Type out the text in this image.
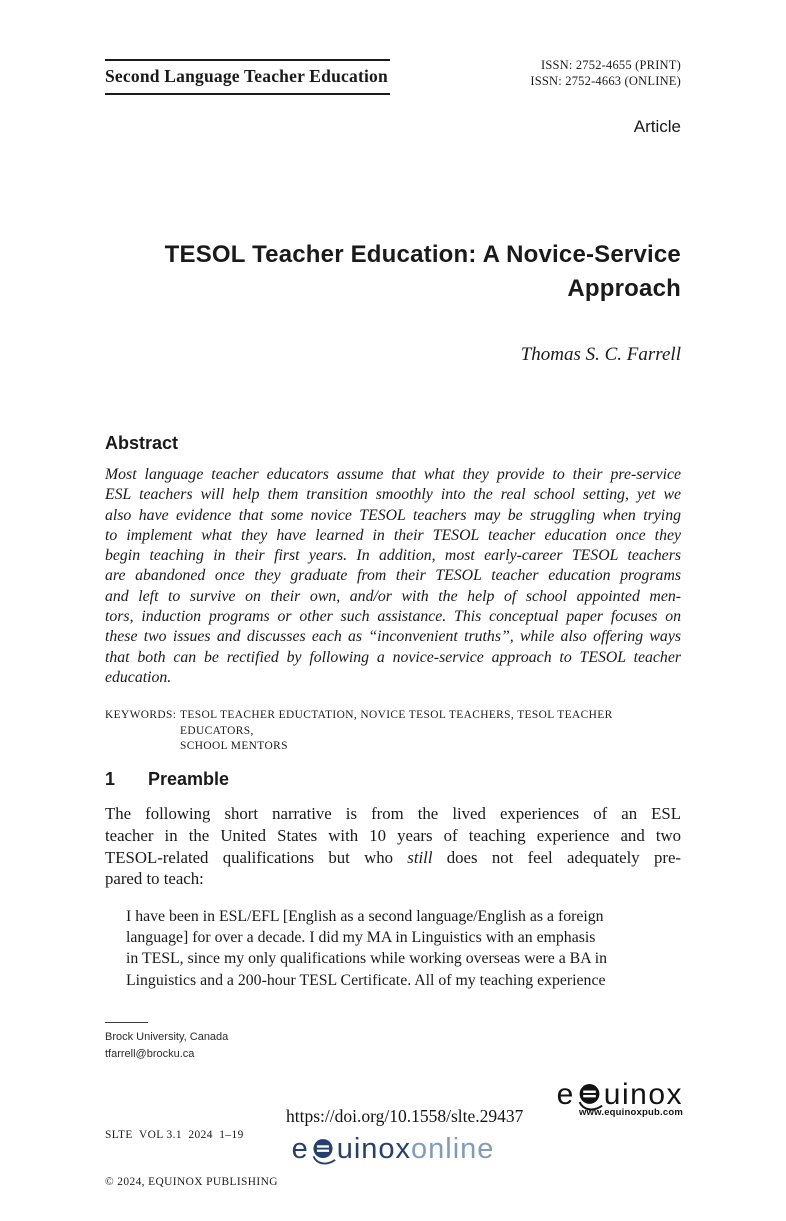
Second Language Teacher Education
ISSN: 2752-4655 (PRINT)
ISSN: 2752-4663 (ONLINE)
Article
TESOL Teacher Education: A Novice-Service
Approach
Thomas S. C. Farrell
Abstract
Most language teacher educators assume that what they provide to their pre-service
ESL teachers will help them transition smoothly into the real school setting, yet we
also have evidence that some novice TESOL teachers may be struggling when trying
to implement what they have learned in their TESOL teacher education once they
begin teaching in their first years. In addition, most early-career TESOL teachers
are abandoned once they graduate from their TESOL teacher education programs
and left to survive on their own, and/or with the help of school appointed men-
tors, induction programs or other such assistance. This conceptual paper focuses on
these two issues and discusses each as “inconvenient truths”, while also offering ways
that both can be rectified by following a novice-service approach to TESOL teacher
education.
KEYWORDS: TESOL TEACHER EDUCTATION, NOVICE TESOL TEACHERS, TESOL TEACHER EDUCATORS,
SCHOOL MENTORS
1 Preamble
The following short narrative is from the lived experiences of an ESL
teacher in the United States with 10 years of teaching experience and two
TESOL-related qualifications but who still does not feel adequately pre-
pared to teach:
I have been in ESL/EFL [English as a second language/English as a foreign
language] for over a decade. I did my MA in Linguistics with an emphasis
in TESL, since my only qualifications while working overseas were a BA in
Linguistics and a 200-hour TESL Certificate. All of my teaching experience
Brock University, Canada
tfarrell@brocku.ca

SLTE  VOL 3.1  2024  1–19

© 2024, EQUINOX PUBLISHING

https://doi.org/10.1558/slte.29437
e uinox
www.equinoxpub.com
e uinox online
